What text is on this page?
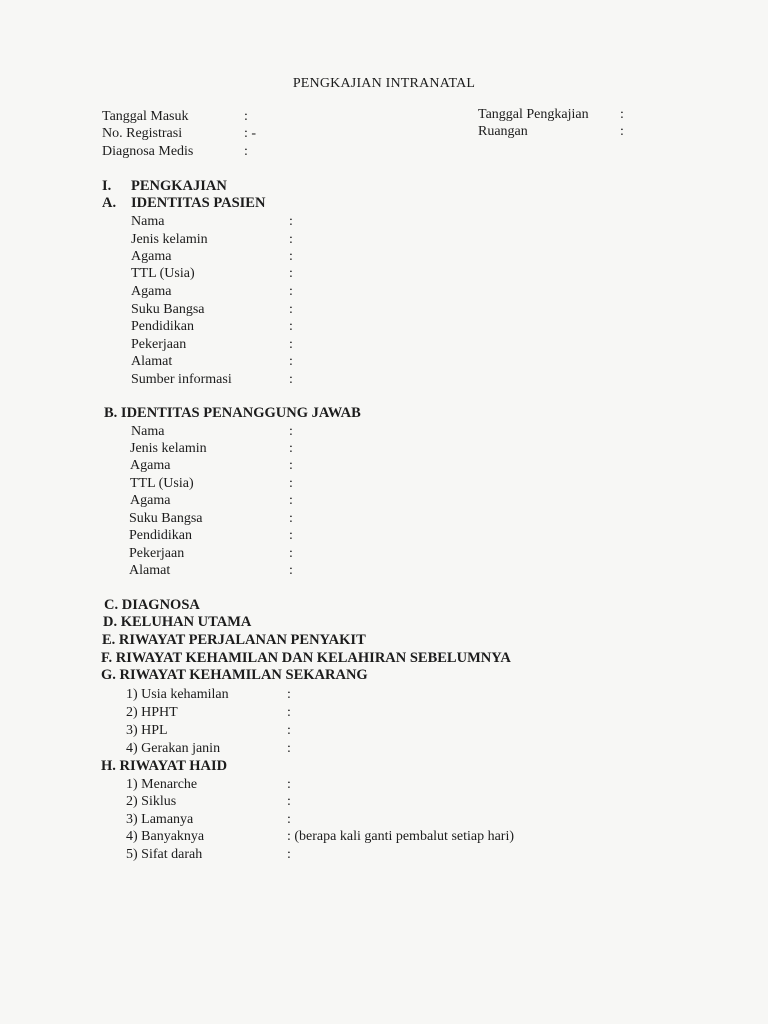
PENGKAJIAN INTRANATAL
Tanggal Masuk	:
No. Registrasi	: -
Diagnosa Medis	:
Tanggal Pengkajian :
Ruangan	:
I. PENGKAJIAN
A. IDENTITAS PASIEN
Nama	:
Jenis kelamin	:
Agama	:
TTL (Usia)	:
Agama	:
Suku Bangsa	:
Pendidikan	:
Pekerjaan	:
Alamat	:
Sumber informasi	:
B. IDENTITAS PENANGGUNG JAWAB
Nama	:
Jenis kelamin	:
Agama	:
TTL (Usia)	:
Agama	:
Suku Bangsa	:
Pendidikan	:
Pekerjaan	:
Alamat	:
C. DIAGNOSA
D. KELUHAN UTAMA
E. RIWAYAT PERJALANAN PENYAKIT
F. RIWAYAT KEHAMILAN DAN KELAHIRAN SEBELUMNYA
G. RIWAYAT KEHAMILAN SEKARANG
1) Usia kehamilan	:
2) HPHT	:
3) HPL	:
4) Gerakan janin	:
H. RIWAYAT HAID
1) Menarche	:
2) Siklus	:
3) Lamanya	:
4) Banyaknya	: (berapa kali ganti pembalut setiap hari)
5) Sifat darah	:
